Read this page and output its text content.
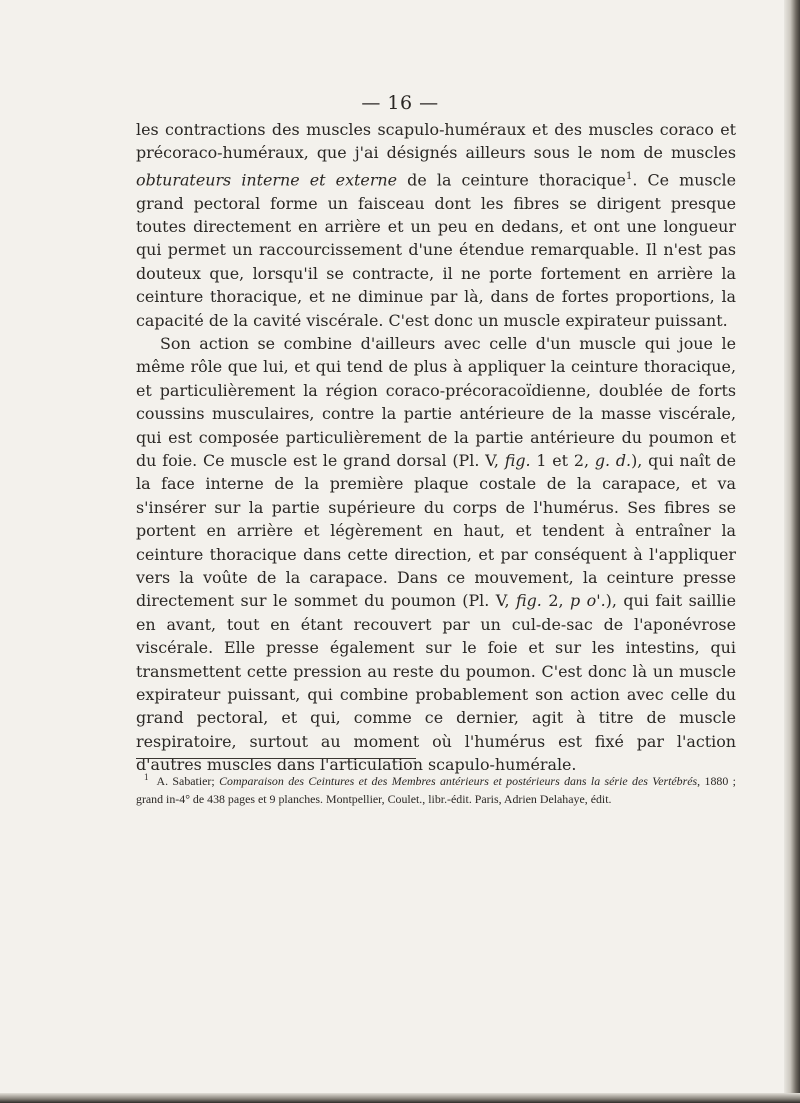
— 16 —

les contractions des muscles scapulo-huméraux et des muscles coraco et précoraco-huméraux, que j'ai désignés ailleurs sous le nom de muscles obturateurs interne et externe de la ceinture thoracique$^1$. Ce muscle grand pectoral forme un faisceau dont les fibres se dirigent presque toutes directement en arrière et un peu en dedans, et ont une longueur qui permet un raccourcissement d'une étendue remarquable. Il n'est pas douteux que, lorsqu'il se contracte, il ne porte fortement en arrière la ceinture thoracique, et ne diminue par là, dans de fortes proportions, la capacité de la cavité viscérale. C'est donc un muscle expirateur puissant.

Son action se combine d'ailleurs avec celle d'un muscle qui joue le même rôle que lui, et qui tend de plus à appliquer la ceinture thoracique, et particulièrement la région coraco-précoracoïdienne, doublée de forts coussins musculaires, contre la partie antérieure de la masse viscérale, qui est composée particulièrement de la partie antérieure du poumon et du foie. Ce muscle est le grand dorsal (Pl. V, fig. 1 et 2, g. d.), qui naît de la face interne de la première plaque costale de la carapace, et va s'insérer sur la partie supérieure du corps de l'humérus. Ses fibres se portent en arrière et légèrement en haut, et tendent à entraîner la ceinture thoracique dans cette direction, et par conséquent à l'appliquer vers la voûte de la carapace. Dans ce mouvement, la ceinture presse directement sur le sommet du poumon (Pl. V, fig. 2, p o'.), qui fait saillie en avant, tout en étant recouvert par un cul-de-sac de l'aponévrose viscérale. Elle presse également sur le foie et sur les intestins, qui transmettent cette pression au reste du poumon. C'est donc là un muscle expirateur puissant, qui combine probablement son action avec celle du grand pectoral, et qui, comme ce dernier, agit à titre de muscle respiratoire, surtout au moment où l'humérus est fixé par l'action d'autres muscles dans l'articulation scapulo-humérale.

$^1$ A. Sabatier; Comparaison des Ceintures et des Membres antérieurs et postérieurs dans la série des Vertébrés, 1880 ; grand in-4° de 438 pages et 9 planches. Montpellier, Coulet., libr.-édit. Paris, Adrien Delahaye, édit.
